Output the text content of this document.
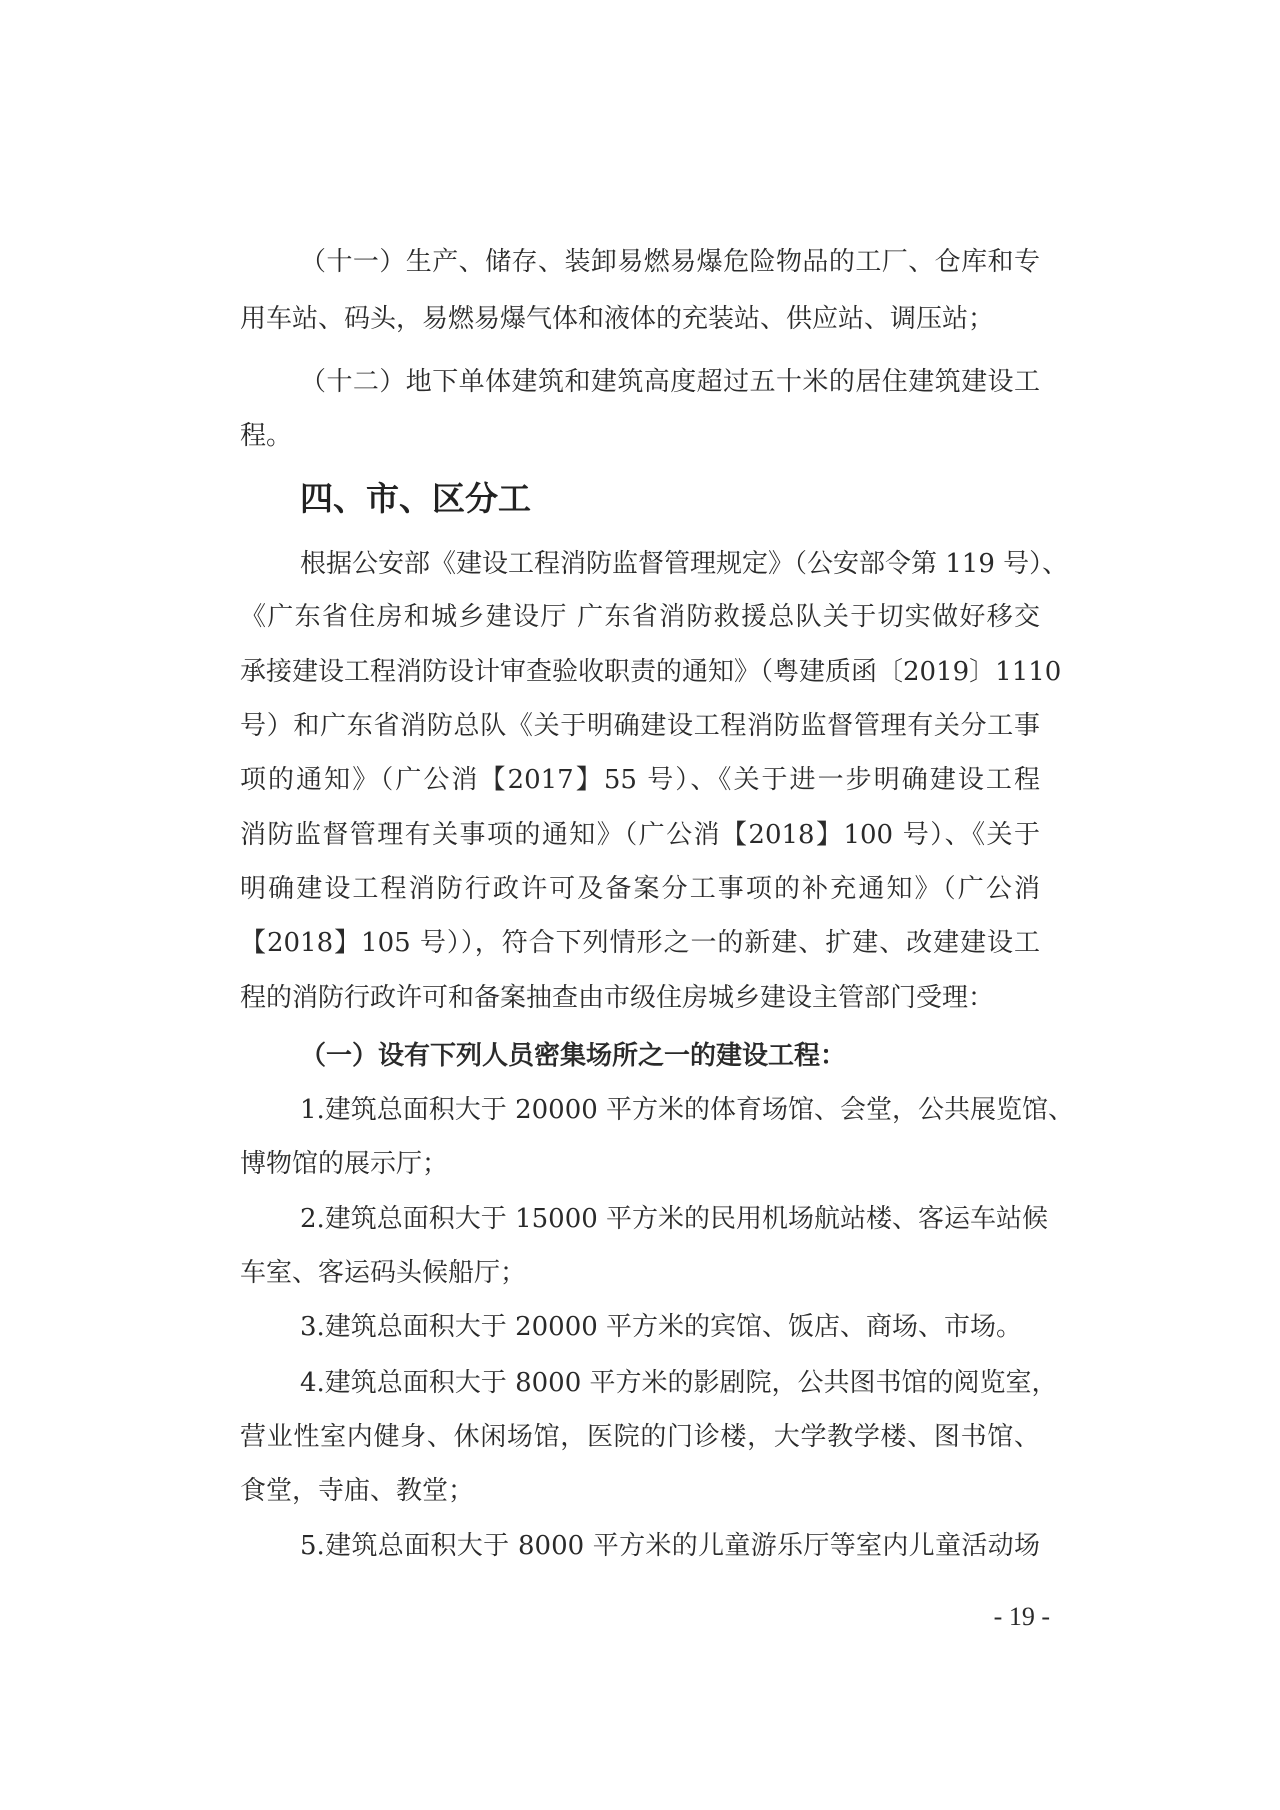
（十一）生产、储存、装卸易燃易爆危险物品的工厂、仓库和专
用车站、码头，易燃易爆气体和液体的充装站、供应站、调压站；
（十二）地下单体建筑和建筑高度超过五十米的居住建筑建设工
程。
四、市、区分工
根据公安部《建设工程消防监督管理规定》（公安部令第 119 号）、
《广东省住房和城乡建设厅 广东省消防救援总队关于切实做好移交
承接建设工程消防设计审查验收职责的通知》（粤建质函〔2019〕1110
号）和广东省消防总队《关于明确建设工程消防监督管理有关分工事
项的通知》（广公消【2017】55 号）、《关于进一步明确建设工程
消防监督管理有关事项的通知》（广公消【2018】100 号）、《关于
明确建设工程消防行政许可及备案分工事项的补充通知》（广公消
【2018】105 号）），符合下列情形之一的新建、扩建、改建建设工
程的消防行政许可和备案抽查由市级住房城乡建设主管部门受理：
（一）设有下列人员密集场所之一的建设工程：
1.建筑总面积大于 20000 平方米的体育场馆、会堂，公共展览馆、
博物馆的展示厅；
2.建筑总面积大于 15000 平方米的民用机场航站楼、客运车站候
车室、客运码头候船厅；
3.建筑总面积大于 20000 平方米的宾馆、饭店、商场、市场。
4.建筑总面积大于 8000 平方米的影剧院，公共图书馆的阅览室，
营业性室内健身、休闲场馆，医院的门诊楼，大学教学楼、图书馆、
食堂，寺庙、教堂；
5.建筑总面积大于 8000 平方米的儿童游乐厅等室内儿童活动场
- 19 -
